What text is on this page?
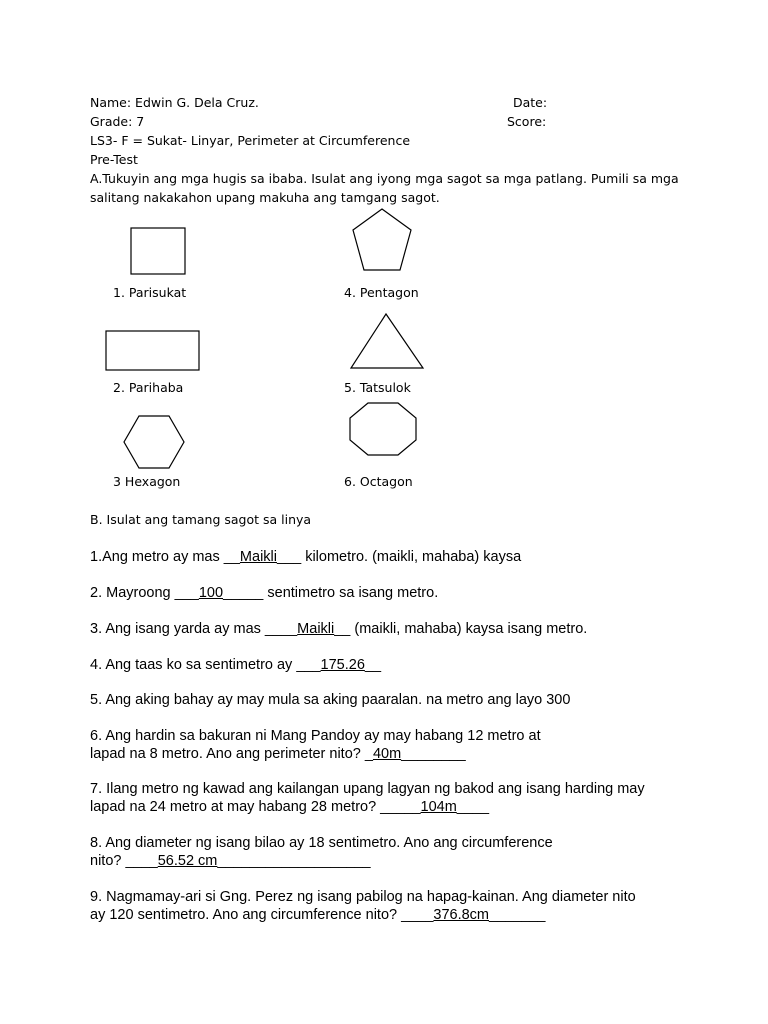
Name: Edwin G. Dela Cruz.	Date:
Grade: 7	Score:
LS3- F = Sukat- Linyar, Perimeter at Circumference
Pre-Test
A.Tukuyin ang mga hugis sa ibaba. Isulat ang iyong mga sagot sa mga patlang. Pumili sa mga
salitang nakakahon upang makuha ang tamgang sagot.
1. Parisukat	4. Pentagon
2. Parihaba	5. Tatsulok
3 Hexagon	6. Octagon
B. Isulat ang tamang sagot sa linya
1.Ang metro ay mas __Maikli___ kilometro. (maikli, mahaba) kaysa
2. Mayroong ___100_____ sentimetro sa isang metro.
3. Ang isang yarda ay mas ____Maikli__ (maikli, mahaba) kaysa isang metro.
4. Ang taas ko sa sentimetro ay ___175.26__
5. Ang aking bahay ay may mula sa aking paaralan. na metro ang layo 300
6. Ang hardin sa bakuran ni Mang Pandoy ay may habang 12 metro at
lapad na 8 metro. Ano ang perimeter nito? _40m________
7. Ilang metro ng kawad ang kailangan upang lagyan ng bakod ang isang harding may
lapad na 24 metro at may habang 28 metro? _____104m____
8. Ang diameter ng isang bilao ay 18 sentimetro. Ano ang circumference
nito? ____56.52 cm___________________
9. Nagmamay-ari si Gng. Perez ng isang pabilog na hapag-kainan. Ang diameter nito
ay 120 sentimetro. Ano ang circumference nito? ____376.8cm_______
